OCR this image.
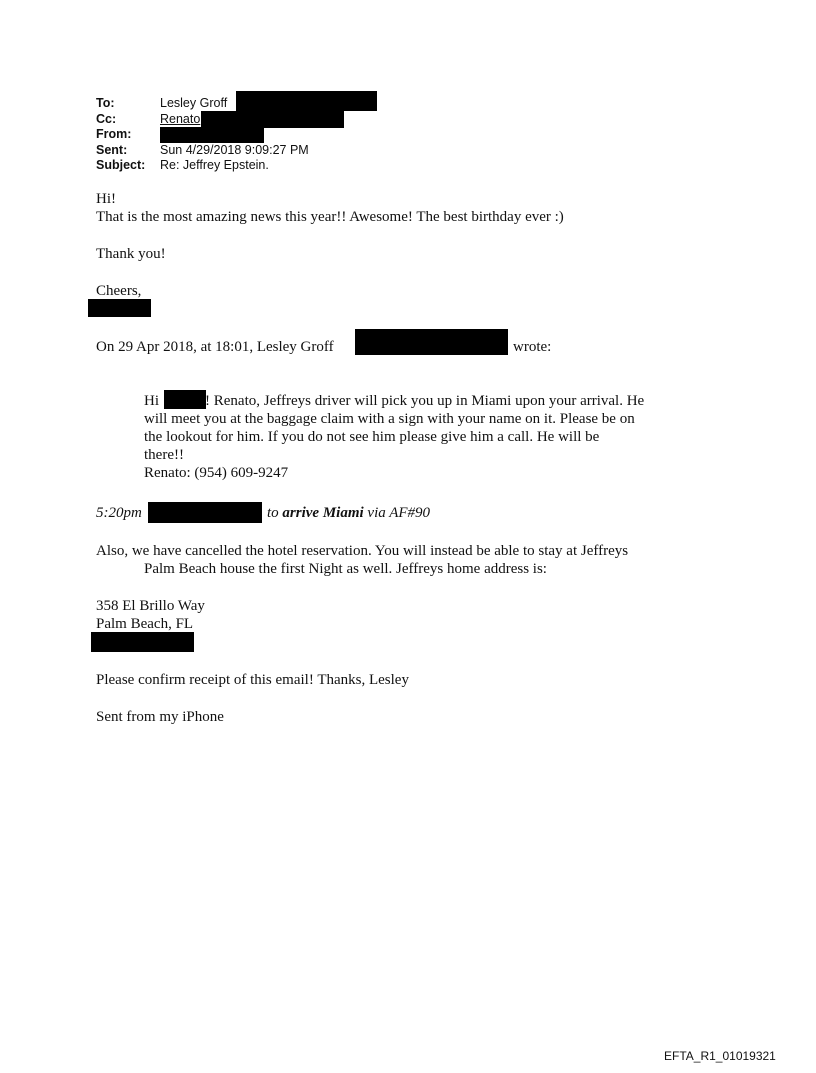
To:	Lesley Groff
Cc:	Renato
From:
Sent:	Sun 4/29/2018 9:09:27 PM
Subject: Re: Jeffrey Epstein.
Hi!
That is the most amazing news this year!! Awesome! The best birthday ever :)
Thank you!
Cheers,
On 29 Apr 2018, at 18:01, Lesley Groff	wrote:
Hi	! Renato, Jeffreys driver will pick you up in Miami upon your arrival. He
will meet you at the baggage claim with a sign with your name on it. Please be on
the lookout for him. If you do not see him please give him a call. He will be
there!!
Renato: (954) 609-9247
5:20pm	to arrive Miami via AF#90
Also, we have cancelled the hotel reservation. You will instead be able to stay at Jeffreys
Palm Beach house the first Night as well. Jeffreys home address is:
358 El Brillo Way
Palm Beach, FL
Please confirm receipt of this email! Thanks, Lesley
Sent from my iPhone
EFTA_R1_01019321
